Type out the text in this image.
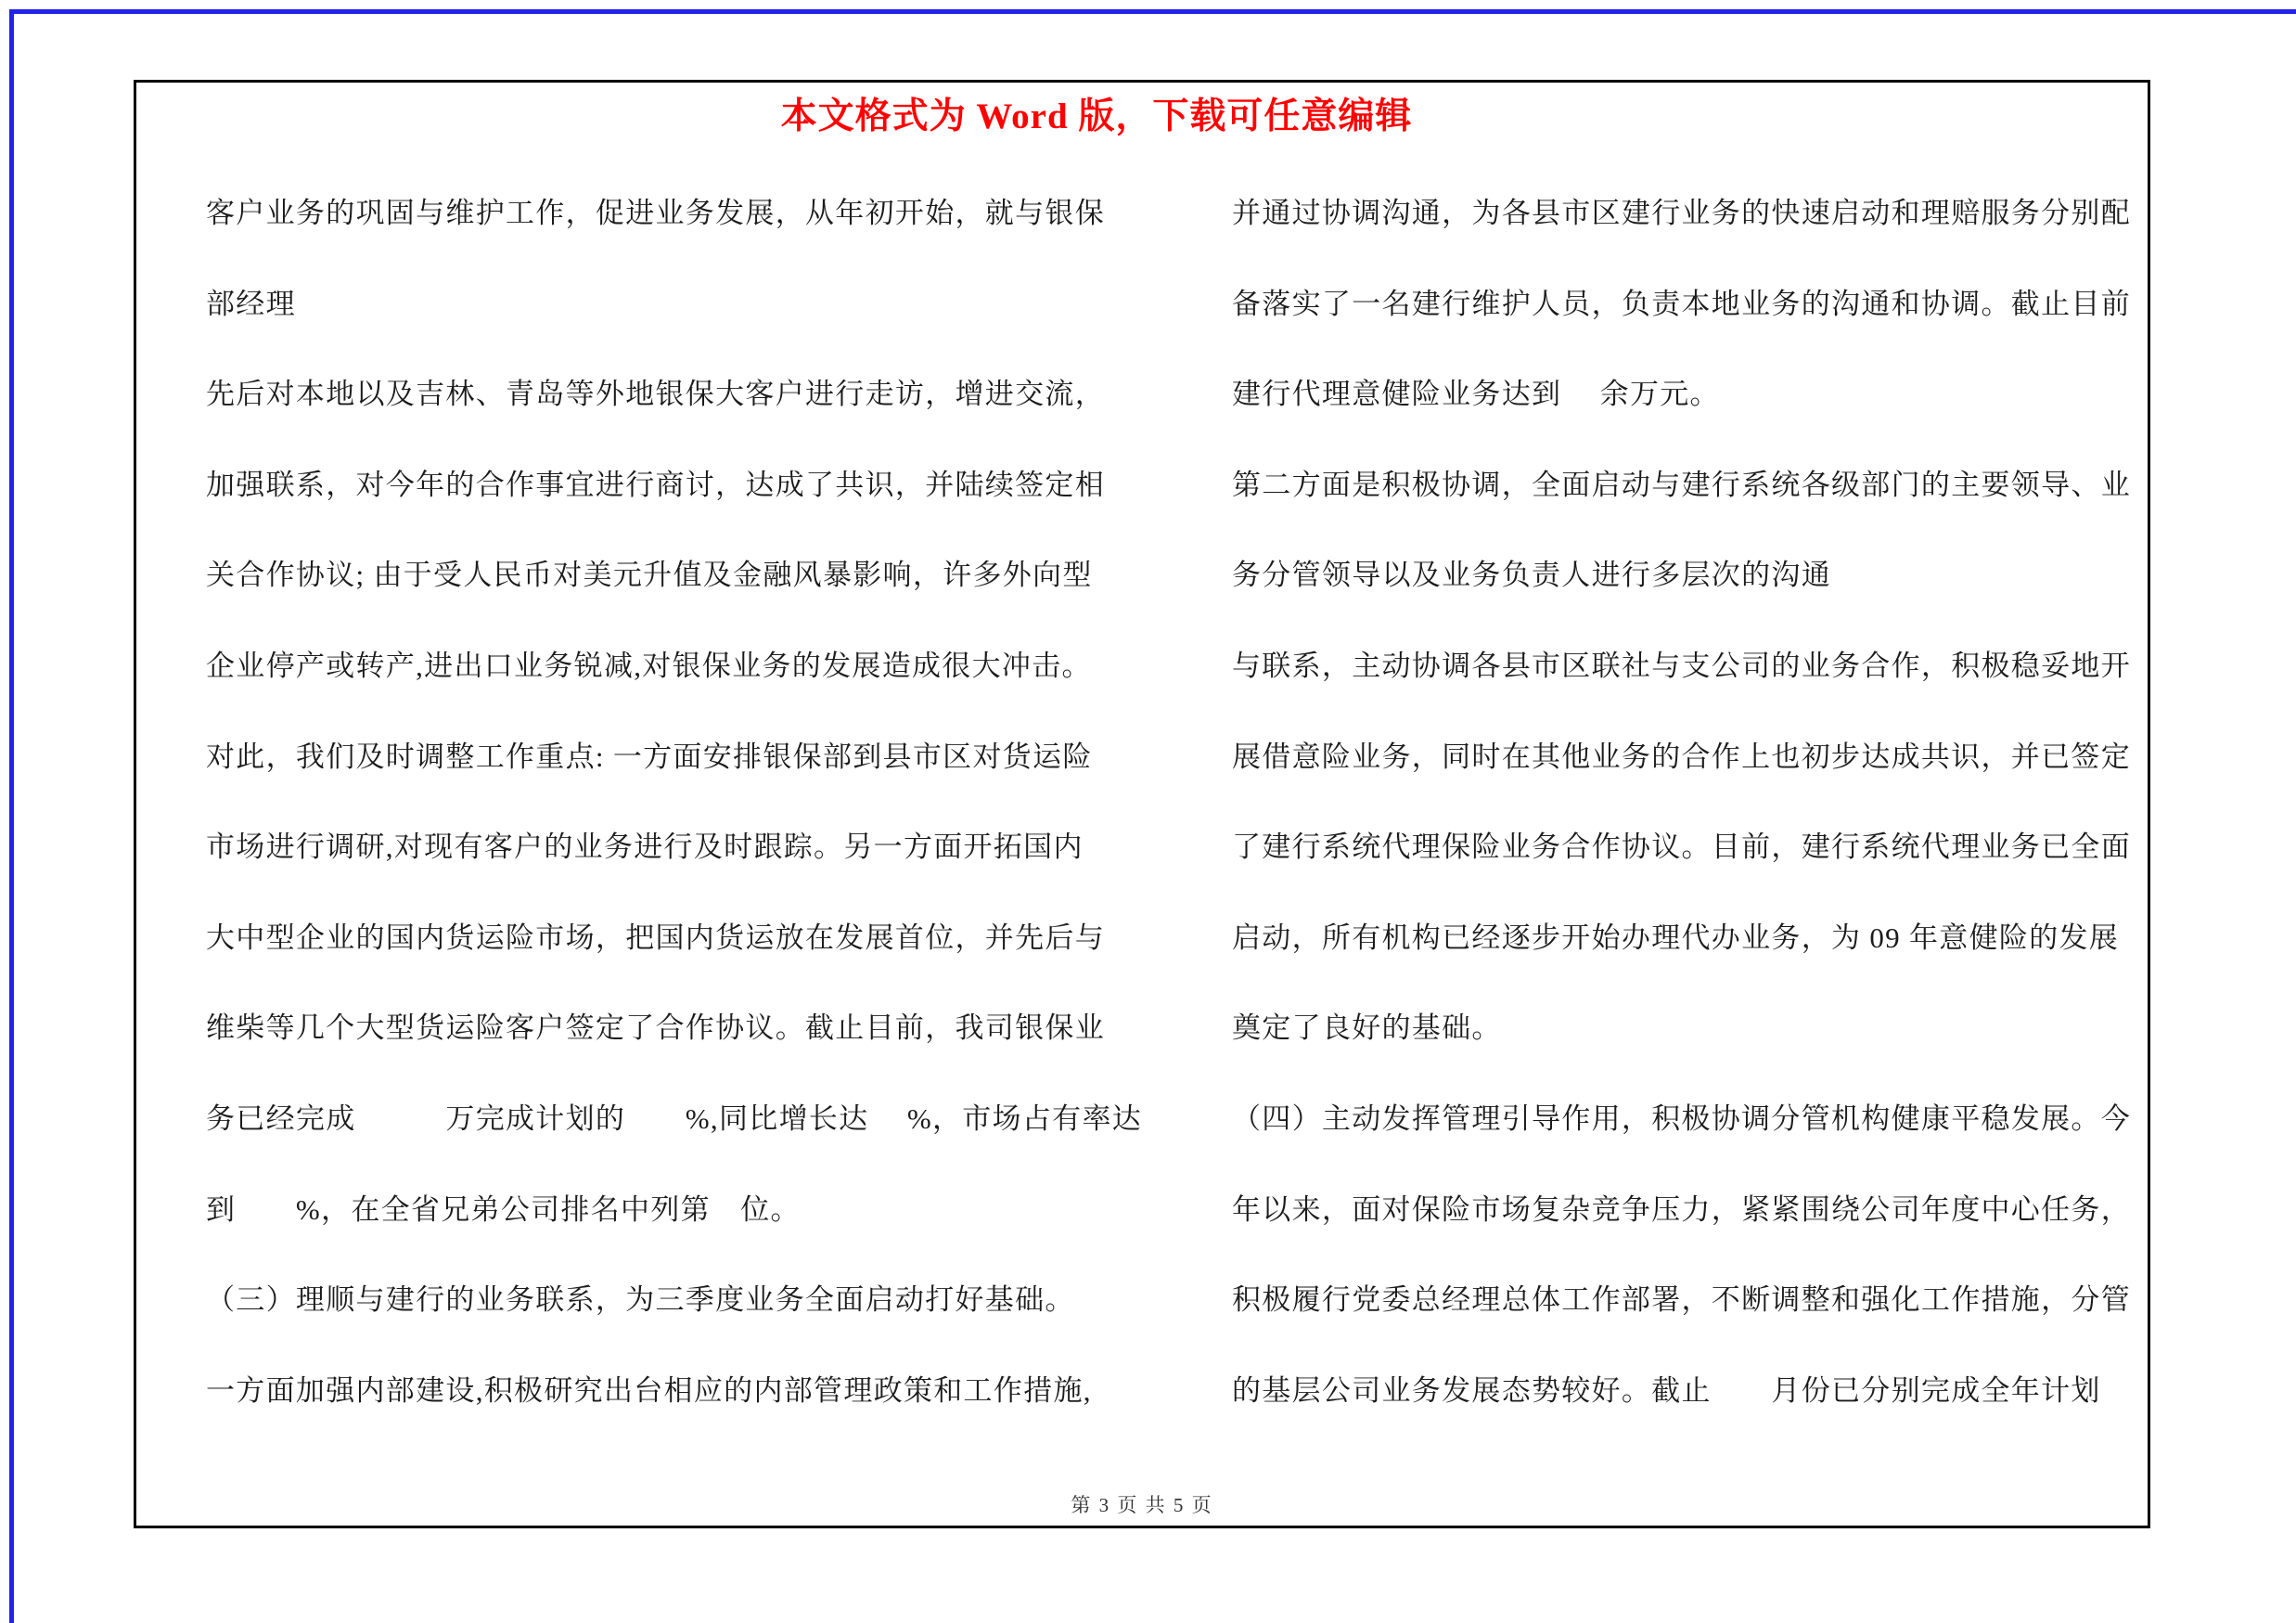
本文格式为 Word 版，下载可任意编辑
客户业务的巩固与维护工作，促进业务发展，从年初开始，就与银保
部经理
先后对本地以及吉林、青岛等外地银保大客户进行走访，增进交流，
加强联系，对今年的合作事宜进行商讨，达成了共识，并陆续签定相
关合作协议; 由于受人民币对美元升值及金融风暴影响，许多外向型
企业停产或转产,进出口业务锐减,对银保业务的发展造成很大冲击。
对此，我们及时调整工作重点: 一方面安排银保部到县市区对货运险
市场进行调研,对现有客户的业务进行及时跟踪。另一方面开拓国内
大中型企业的国内货运险市场，把国内货运放在发展首位，并先后与
维柴等几个大型货运险客户签定了合作协议。截止目前，我司银保业
务已经完成　　　万完成计划的　　%,同比增长达　 %，市场占有率达
到　　%，在全省兄弟公司排名中列第　位。
（三）理顺与建行的业务联系，为三季度业务全面启动打好基础。
一方面加强内部建设,积极研究出台相应的内部管理政策和工作措施,
并通过协调沟通，为各县市区建行业务的快速启动和理赔服务分别配
备落实了一名建行维护人员，负责本地业务的沟通和协调。截止目前
建行代理意健险业务达到　 余万元。
第二方面是积极协调，全面启动与建行系统各级部门的主要领导、业
务分管领导以及业务负责人进行多层次的沟通
与联系，主动协调各县市区联社与支公司的业务合作，积极稳妥地开
展借意险业务，同时在其他业务的合作上也初步达成共识，并已签定
了建行系统代理保险业务合作协议。目前，建行系统代理业务已全面
启动，所有机构已经逐步开始办理代办业务，为 09 年意健险的发展
奠定了良好的基础。
（四）主动发挥管理引导作用，积极协调分管机构健康平稳发展。今
年以来，面对保险市场复杂竞争压力，紧紧围绕公司年度中心任务，
积极履行党委总经理总体工作部署，不断调整和强化工作措施，分管
的基层公司业务发展态势较好。截止　　月份已分别完成全年计划
第 3 页 共 5 页
